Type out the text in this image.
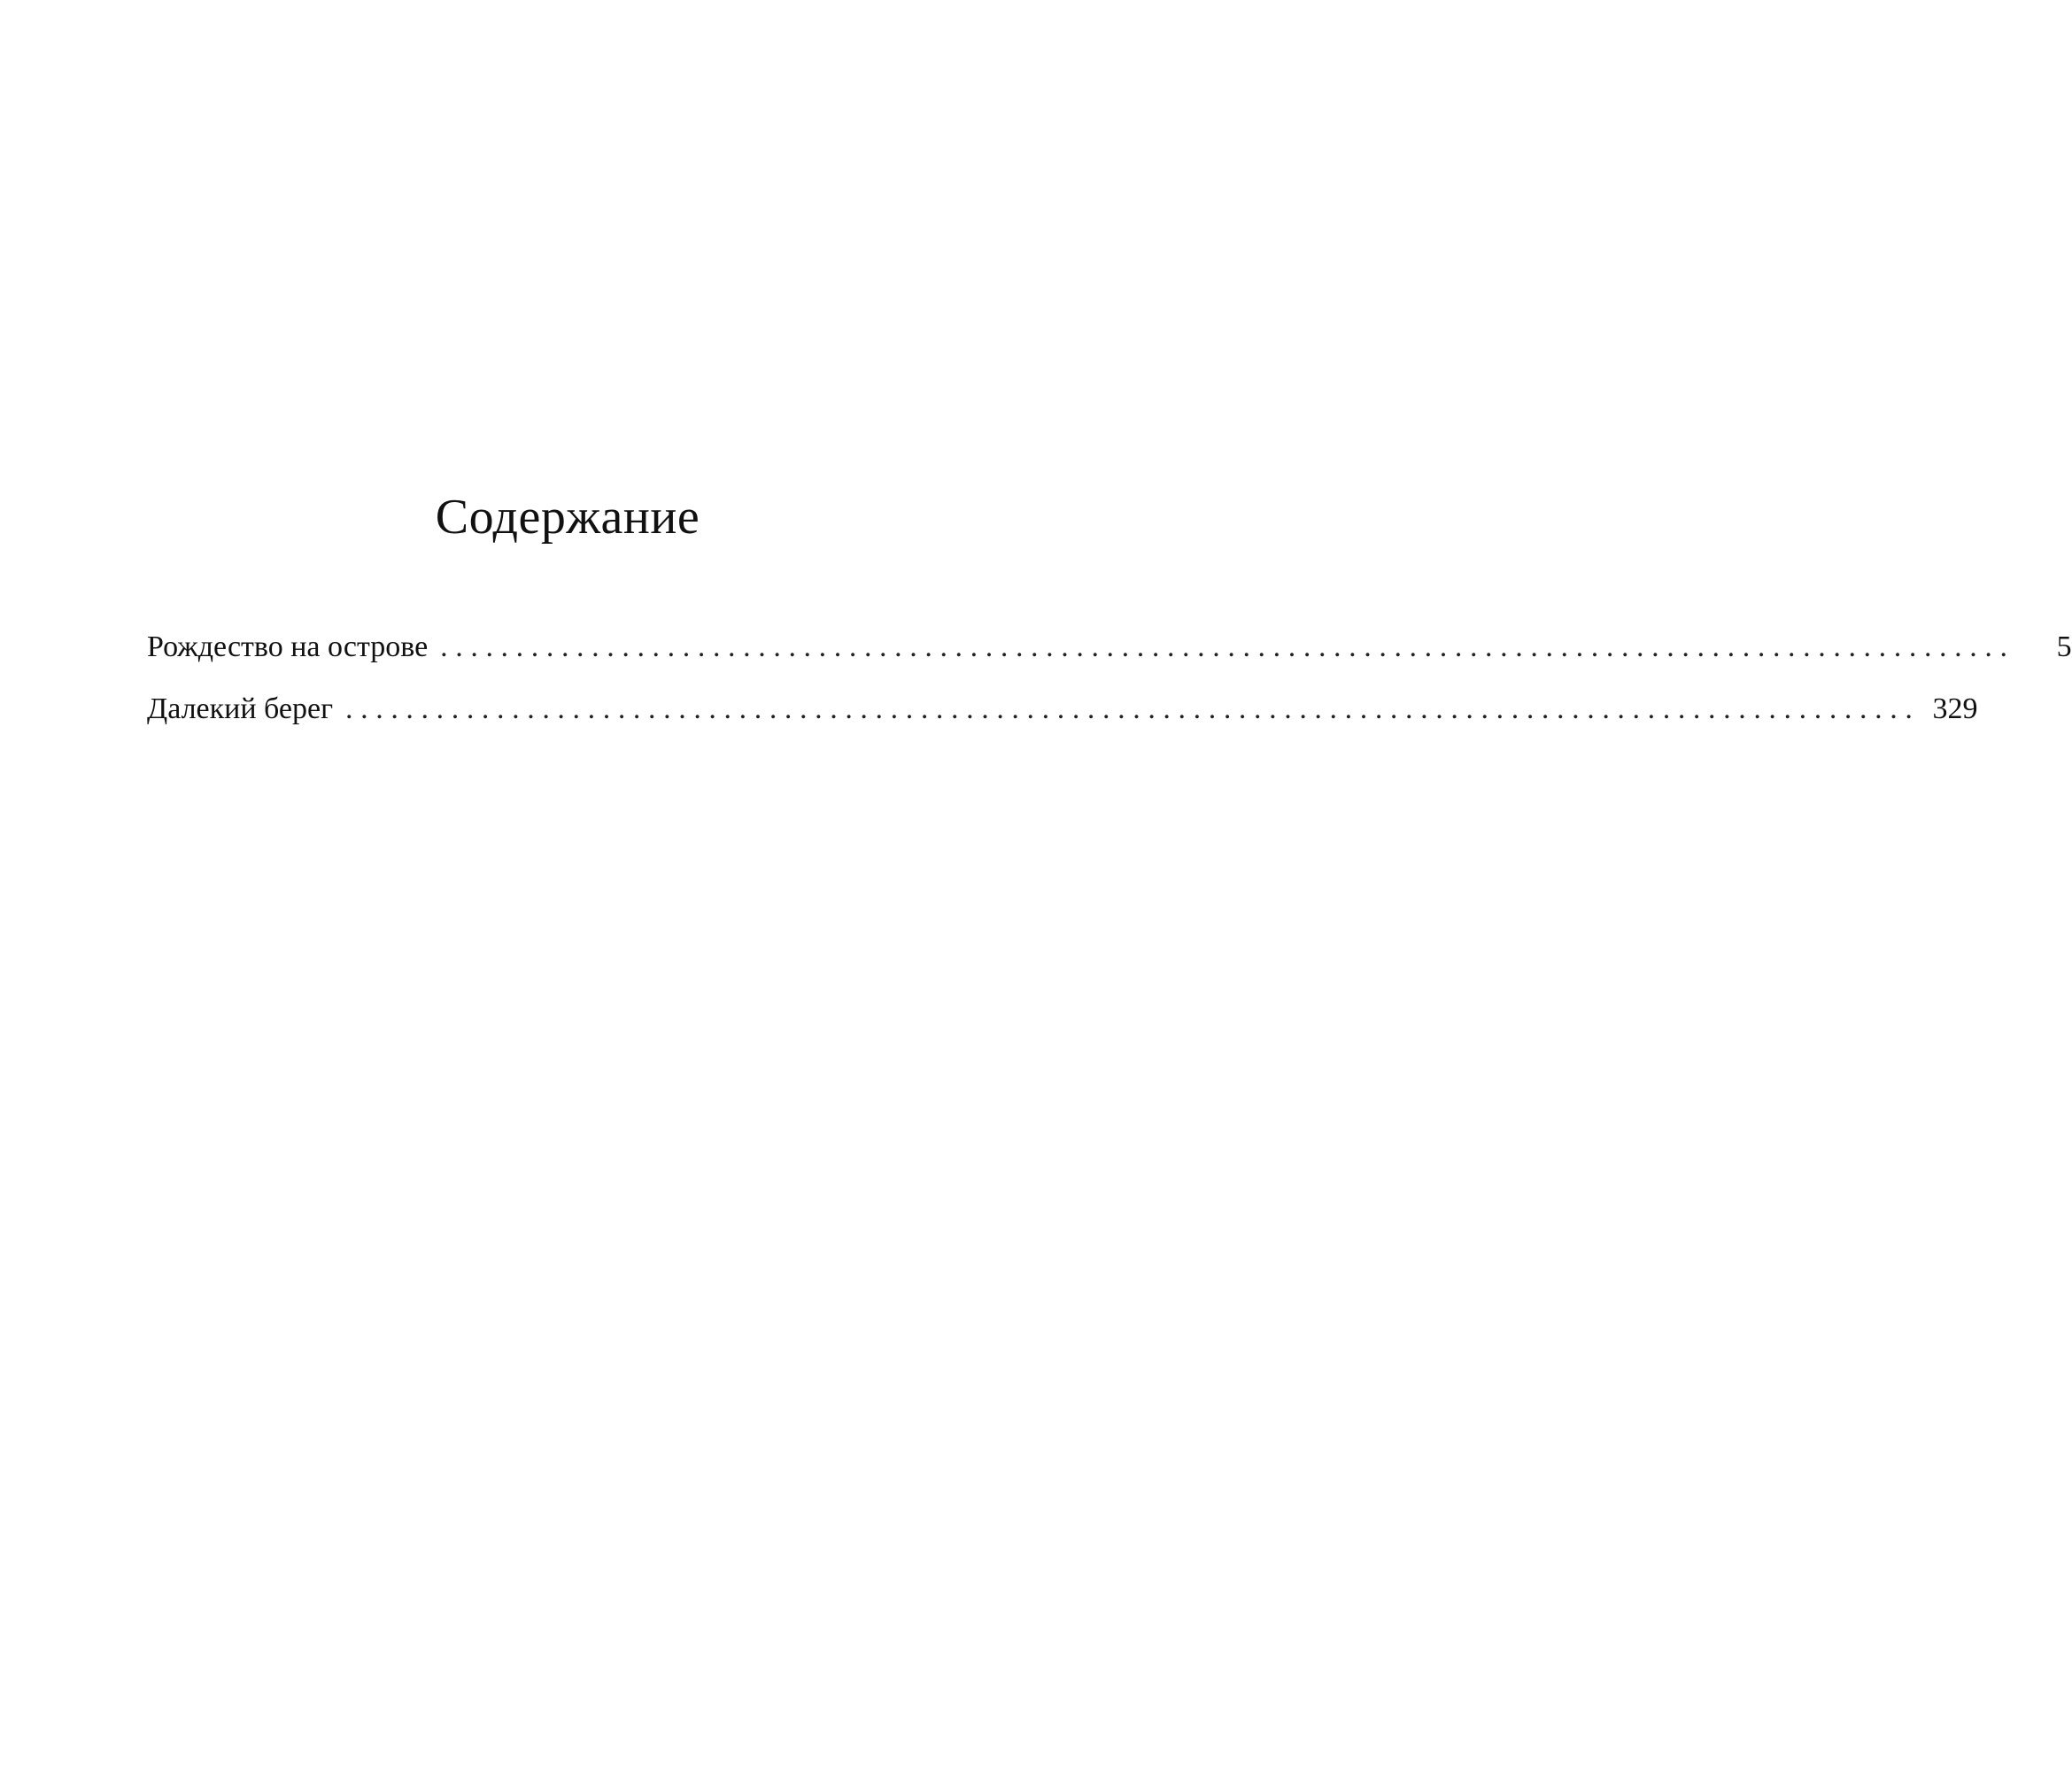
Содержание
Рождество на острове ........................................................................................................	5
Далекий берег ........................................................................................................ 329
